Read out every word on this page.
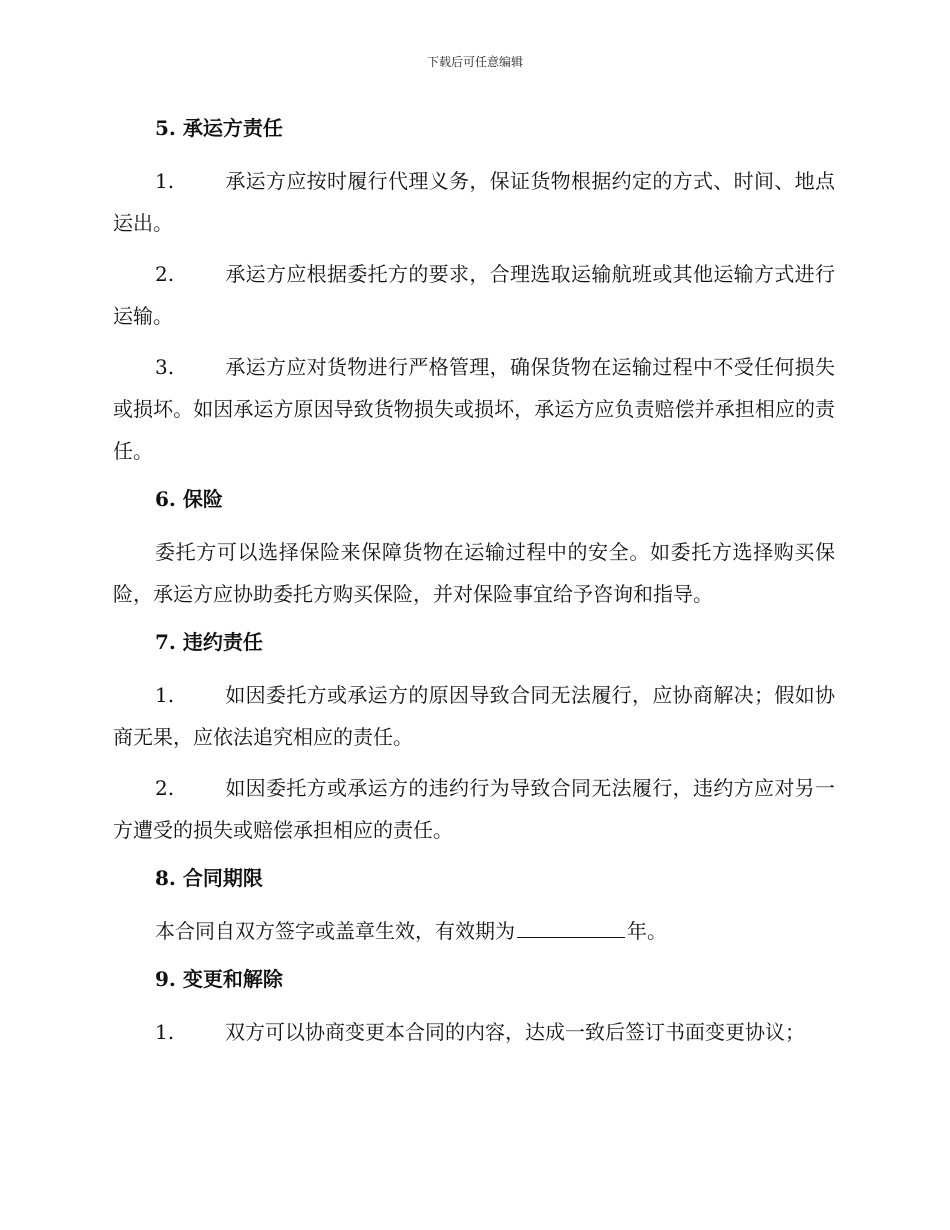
下载后可任意编辑
5. 承运方责任
1.	承运方应按时履行代理义务，保证货物根据约定的方式、时间、地点运出。
2.	承运方应根据委托方的要求，合理选取运输航班或其他运输方式进行运输。
3.	承运方应对货物进行严格管理，确保货物在运输过程中不受任何损失或损坏。如因承运方原因导致货物损失或损坏，承运方应负责赔偿并承担相应的责任。
6. 保险
委托方可以选择保险来保障货物在运输过程中的安全。如委托方选择购买保险，承运方应协助委托方购买保险，并对保险事宜给予咨询和指导。
7. 违约责任
1.	如因委托方或承运方的原因导致合同无法履行，应协商解决；假如协商无果，应依法追究相应的责任。
2.	如因委托方或承运方的违约行为导致合同无法履行，违约方应对另一方遭受的损失或赔偿承担相应的责任。
8. 合同期限
本合同自双方签字或盖章生效，有效期为	年。
9. 变更和解除
1.	双方可以协商变更本合同的内容，达成一致后签订书面变更协议；
